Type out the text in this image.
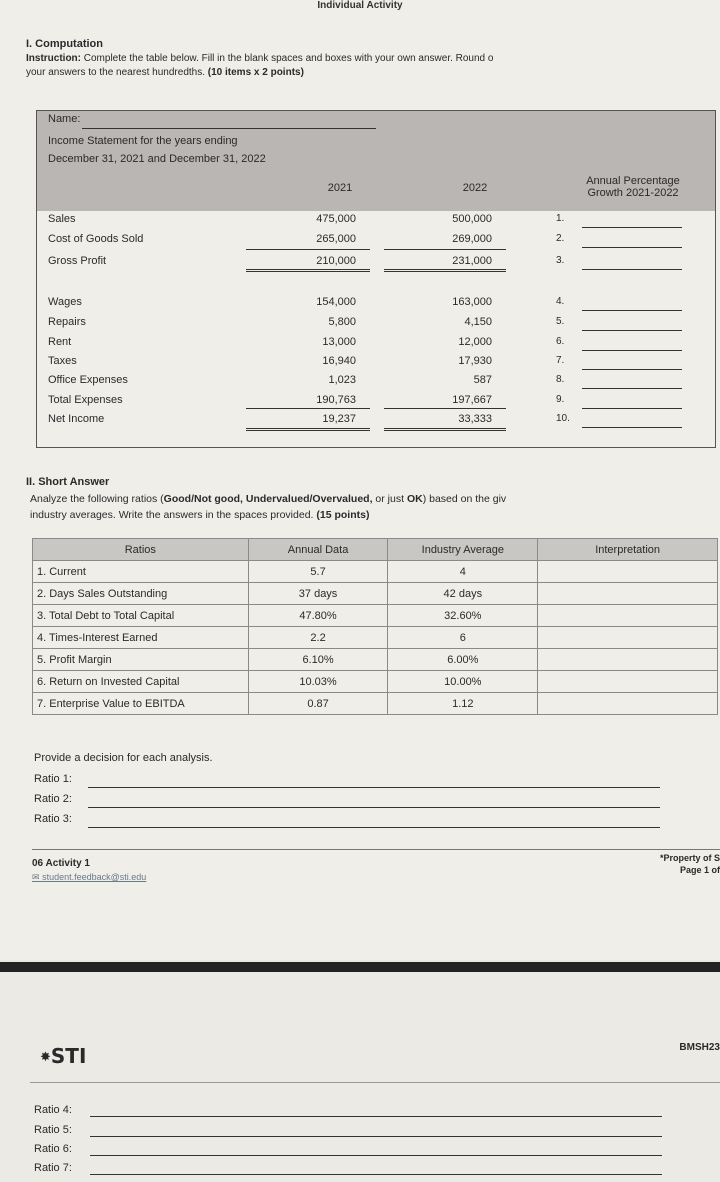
Individual Activity
I. Computation
Instruction: Complete the table below. Fill in the blank spaces and boxes with your own answer. Round o
your answers to the nearest hundredths. (10 items x 2 points)
Name:
Income Statement for the years ending
December 31, 2021 and December 31, 2022
2021	2022
Annual Percentage
Growth 2021-2022
Sales	475,000	500,000	1.
Cost of Goods Sold	265,000	269,000	2.
Gross Profit	210,000	231,000	3.
Wages	154,000	163,000	4.
Repairs	5,800	4,150	5.
Rent	13,000	12,000	6.
Taxes	16,940	17,930	7.
Office Expenses	1,023	587	8.
Total Expenses	190,763	197,667	9.
Net Income	19,237	33,333	10.
II. Short Answer
Analyze the following ratios (Good/Not good, Undervalued/Overvalued, or just OK) based on the giv
industry averages. Write the answers in the spaces provided. (15 points)
Ratios	Annual Data	Industry Average	Interpretation
1. Current	5.7	4	
2. Days Sales Outstanding	37 days	42 days	
3. Total Debt to Total Capital	47.80%	32.60%	
4. Times-Interest Earned	2.2	6	
5. Profit Margin	6.10%	6.00%	
6. Return on Invested Capital	10.03%	10.00%	
7. Enterprise Value to EBITDA	0.87	1.12	
Provide a decision for each analysis.
Ratio 1:
Ratio 2:
Ratio 3:
06 Activity 1
✉ student.feedback@sti.edu
*Property of S
Page 1 of
✸STI	BMSH23
Ratio 4:
Ratio 5:
Ratio 6:
Ratio 7:
